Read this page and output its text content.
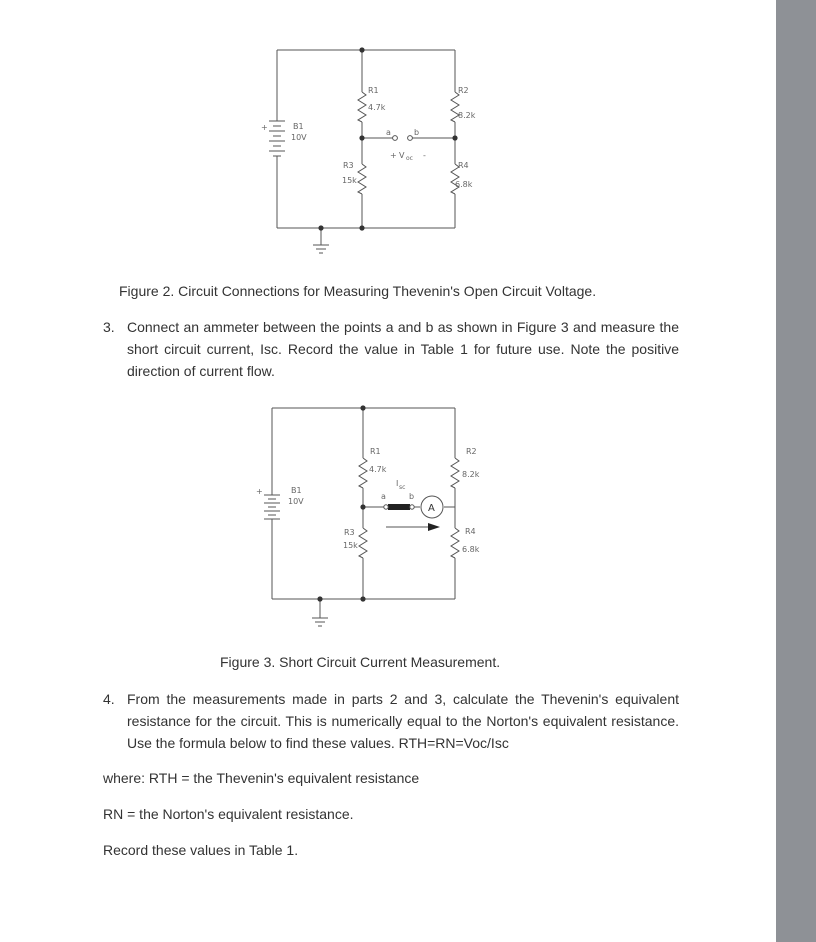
R1
4.7k
R2
8.2k
R3
15k
R4
6.8k
B1
10V
+
a	b
+ V oc -
Figure 2. Circuit Connections for Measuring Thevenin's Open Circuit Voltage.
3. Connect an ammeter between the points a and b as shown in Figure 3 and measure the short circuit current, Isc. Record the value in Table 1 for future use. Note the positive direction of current flow.
A
R1
4.7k
R2
8.2k
R3
15k
R4
6.8k
B1
10V
+
a	b
I sc
Figure 3. Short Circuit Current Measurement.
4. From the measurements made in parts 2 and 3, calculate the Thevenin's equivalent resistance for the circuit. This is numerically equal to the Norton's equivalent resistance. Use the formula below to find these values. RTH=RN=Voc/Isc
where: RTH = the Thevenin's equivalent resistance
RN = the Norton's equivalent resistance.
Record these values in Table 1.
